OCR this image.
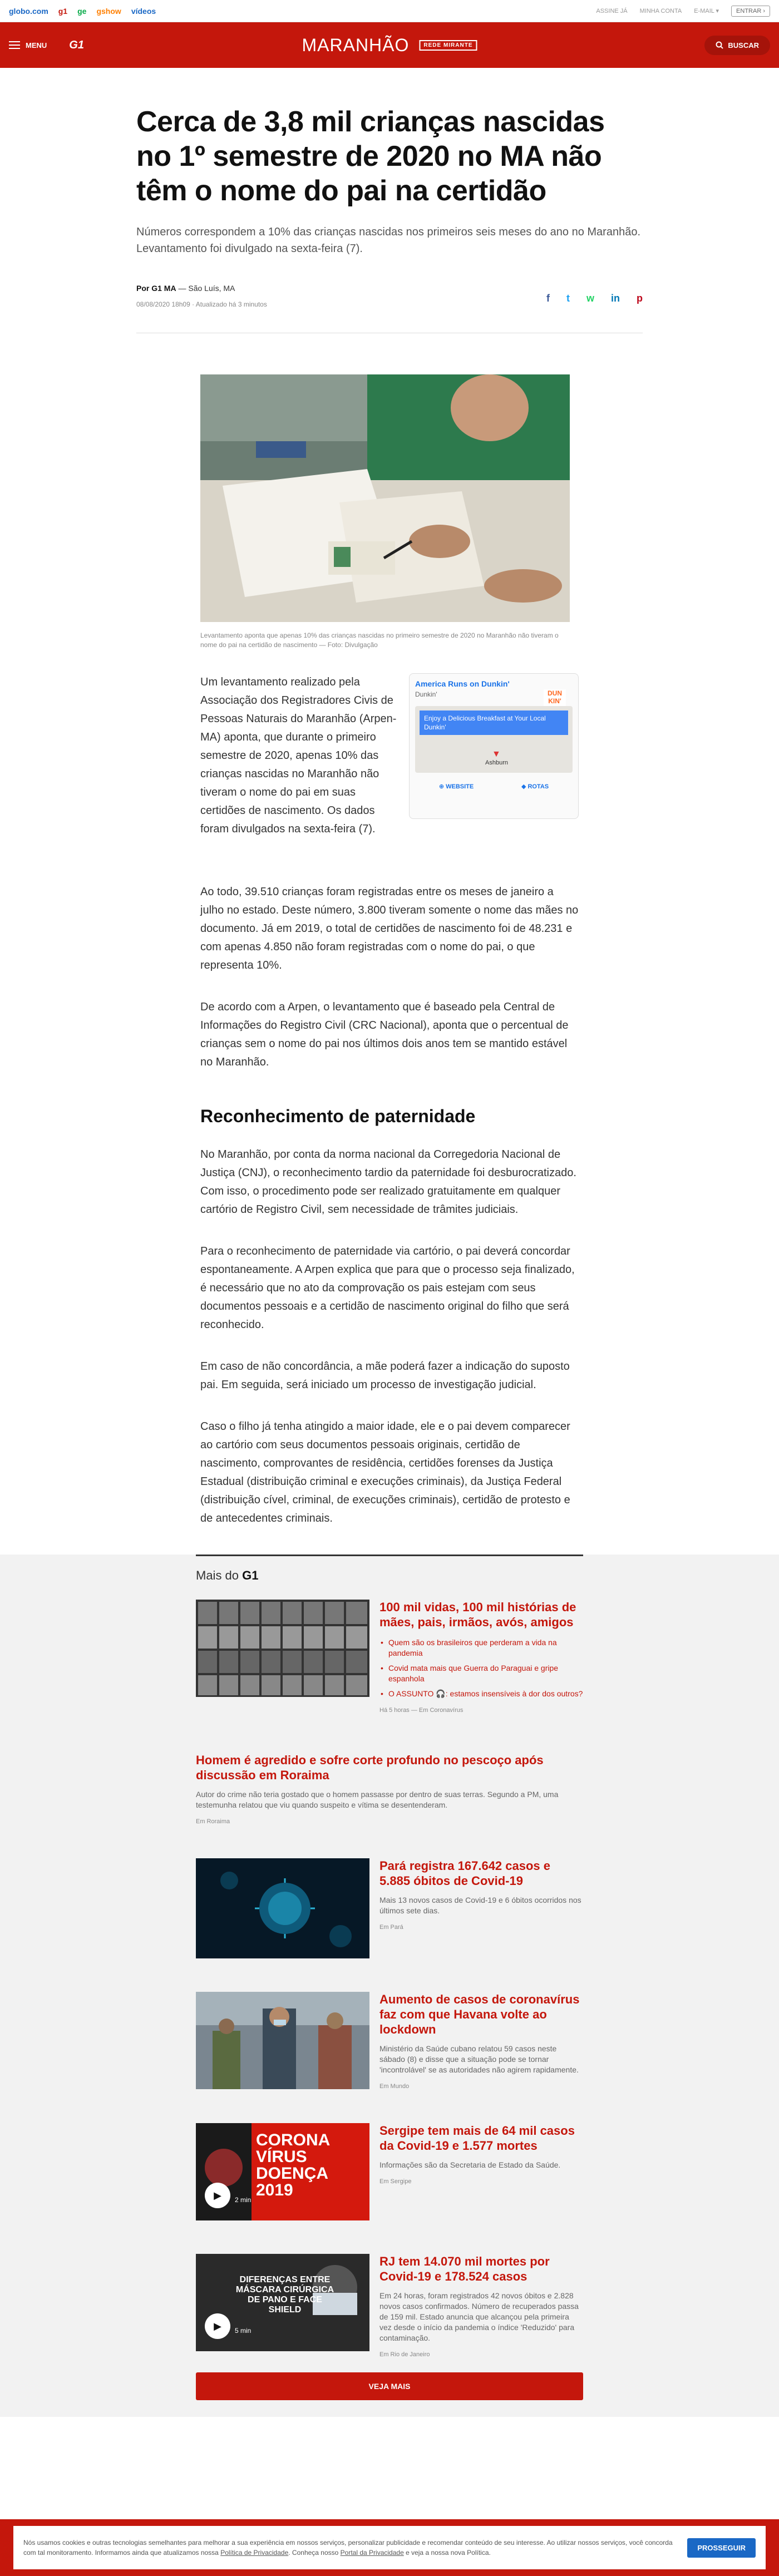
globo.com g1 ge gshow vídeos	ASSINE JÁ MINHA CONTA E-MAIL ▾	ENTRAR ›
MENU G1	MARANHÃO	REDE MIRANTE	BUSCAR
Cerca de 3,8 mil crianças nascidas no 1º semestre de 2020 no MA não têm o nome do pai na certidão

Números correspondem a 10% das crianças nascidas nos primeiros seis meses do ano no Maranhão. Levantamento foi divulgado na sexta-feira (7).

Por G1 MA — São Luís, MA
08/08/2020 18h09 · Atualizado há 3 minutos
f t w in p

Levantamento aponta que apenas 10% das crianças nascidas no primeiro semestre de 2020 no Maranhão não tiveram o nome do pai na certidão de nascimento — Foto: Divulgação

America Runs on Dunkin'
Dunkin'	DUN KIN'
Enjoy a Delicious Breakfast at Your Local Dunkin'
▼
Ashburn
⊕ WEBSITE	◆ ROTAS

Um levantamento realizado pela Associação dos Registradores Civis de Pessoas Naturais do Maranhão (Arpen-MA) aponta, que durante o primeiro semestre de 2020, apenas 10% das crianças nascidas no Maranhão não tiveram o nome do pai em suas certidões de nascimento. Os dados foram divulgados na sexta-feira (7).

Ao todo, 39.510 crianças foram registradas entre os meses de janeiro a julho no estado. Deste número, 3.800 tiveram somente o nome das mães no documento. Já em 2019, o total de certidões de nascimento foi de 48.231 e com apenas 4.850 não foram registradas com o nome do pai, o que representa 10%.

De acordo com a Arpen, o levantamento que é baseado pela Central de Informações do Registro Civil (CRC Nacional), aponta que o percentual de crianças sem o nome do pai nos últimos dois anos tem se mantido estável no Maranhão.

Reconhecimento de paternidade

No Maranhão, por conta da norma nacional da Corregedoria Nacional de Justiça (CNJ), o reconhecimento tardio da paternidade foi desburocratizado. Com isso, o procedimento pode ser realizado gratuitamente em qualquer cartório de Registro Civil, sem necessidade de trâmites judiciais.

Para o reconhecimento de paternidade via cartório, o pai deverá concordar espontaneamente. A Arpen explica que para que o processo seja finalizado, é necessário que no ato da comprovação os pais estejam com seus documentos pessoais e a certidão de nascimento original do filho que será reconhecido.

Em caso de não concordância, a mãe poderá fazer a indicação do suposto pai. Em seguida, será iniciado um processo de investigação judicial.

Caso o filho já tenha atingido a maior idade, ele e o pai devem comparecer ao cartório com seus documentos pessoais originais, certidão de nascimento, comprovantes de residência, certidões forenses da Justiça Estadual (distribuição criminal e execuções criminais), da Justiça Federal (distribuição cível, criminal, de execuções criminais), certidão de protesto e de antecedentes criminais.

Mais do G1
100 mil vidas, 100 mil histórias de mães, pais, irmãos, avós, amigos
• Quem são os brasileiros que perderam a vida na pandemia
• Covid mata mais que Guerra do Paraguai e gripe espanhola
• O ASSUNTO 🎧: estamos insensíveis à dor dos outros?
Há 5 horas — Em Coronavírus
Homem é agredido e sofre corte profundo no pescoço após discussão em Roraima

Autor do crime não teria gostado que o homem passasse por dentro de suas terras. Segundo a PM, uma testemunha relatou que viu quando suspeito e vítima se desentenderam.

Em Roraima
Pará registra 167.642 casos e 5.885 óbitos de Covid-19

Mais 13 novos casos de Covid-19 e 6 óbitos ocorridos nos últimos sete dias.

Em Pará
Aumento de casos de coronavírus faz com que Havana volte ao lockdown

Ministério da Saúde cubano relatou 59 casos neste sábado (8) e disse que a situação pode se tornar 'incontrolável' se as autoridades não agirem rapidamente.

Em Mundo
CORONA VÍRUS DOENÇA 2019
▶	2 min
Sergipe tem mais de 64 mil casos da Covid-19 e 1.577 mortes

Informações são da Secretaria de Estado da Saúde.

Em Sergipe
DIFERENÇAS ENTRE MÁSCARA CIRÚRGICA DE PANO E FACE SHIELD
▶	5 min
RJ tem 14.070 mil mortes por Covid-19 e 178.524 casos

Em 24 horas, foram registrados 42 novos óbitos e 2.828 novos casos confirmados. Número de recuperados passa de 159 mil. Estado anuncia que alcançou pela primeira vez desde o início da pandemia o índice 'Reduzido' para contaminação.

Em Rio de Janeiro
VEJA MAIS

Nós usamos cookies e outras tecnologias semelhantes para melhorar a sua experiência em nossos serviços, personalizar publicidade e recomendar conteúdo de seu interesse. Ao utilizar nossos serviços, você concorda com tal monitoramento. Informamos ainda que atualizamos nossa Política de Privacidade. Conheça nosso Portal da Privacidade e veja a nossa nova Política.

PROSSEGUIR
